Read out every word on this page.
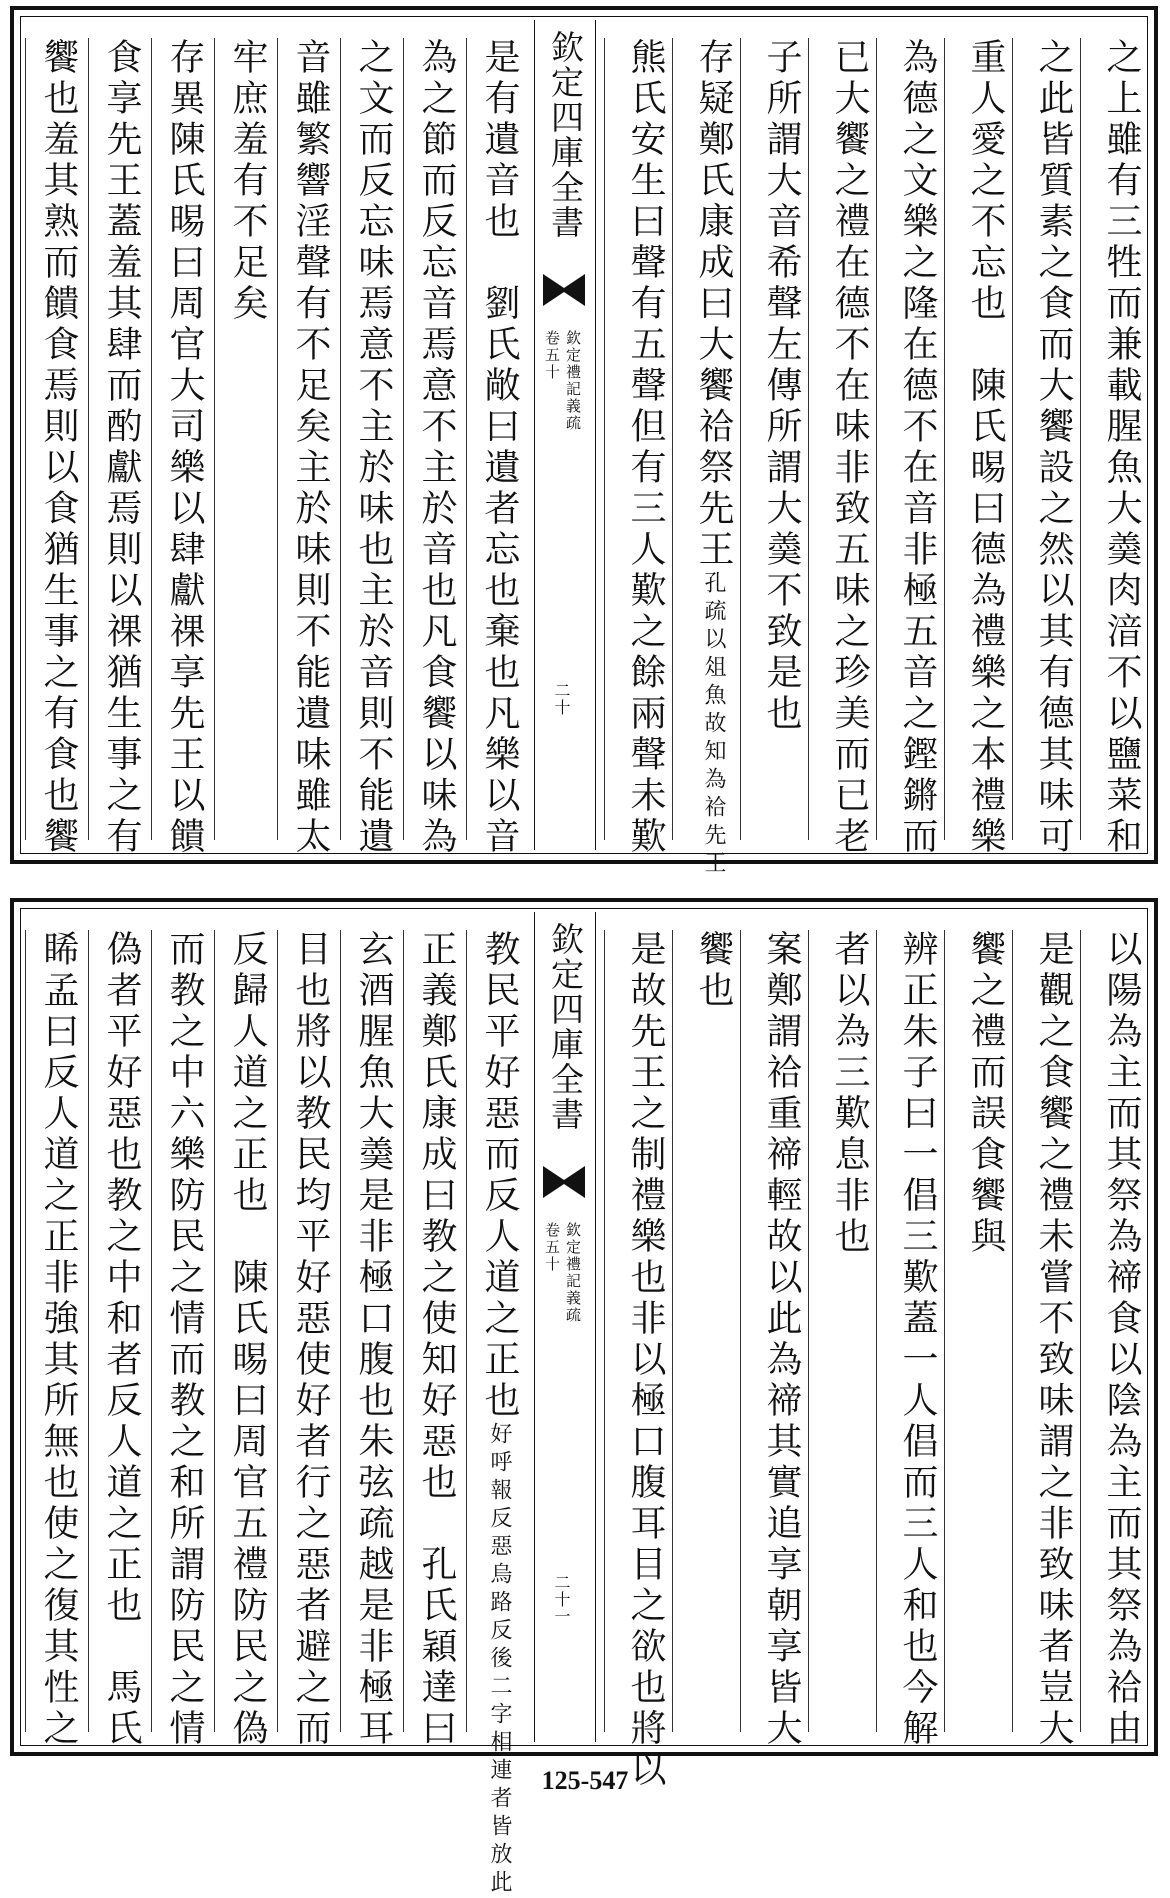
之上雖有三牲而兼載腥魚大羮肉湆不以鹽菜和
之此皆質素之食而大饗設之然以其有德其味可
重人愛之不忘也　陳氏晹曰德為禮樂之本禮樂
為德之文樂之隆在德不在音非極五音之鏗鏘而
已大饗之禮在德不在味非致五味之珍美而已老
子所謂大音希聲左傳所謂大羮不致是也
存疑鄭氏康成曰大饗祫祭先王孔疏以俎魚故知為祫先王
熊氏安生曰聲有五聲但有三人歎之餘兩聲未歎
欽定四庫全書
欽定禮記義疏
卷五十
二十
是有遺音也　劉氏敞曰遺者忘也棄也凡樂以音
為之節而反忘音焉意不主於音也凡食饗以味為
之文而反忘味焉意不主於味也主於音則不能遺
音雖繁響淫聲有不足矣主於味則不能遺味雖太
牢庶羞有不足矣
存異陳氏晹曰周官大司樂以肆獻祼享先王以饋
食享先王蓋羞其肆而酌獻焉則以祼猶生事之有
饗也羞其熟而饋食焉則以食猶生事之有食也饗
以陽為主而其祭為禘食以陰為主而其祭為祫由
是觀之食饗之禮未嘗不致味謂之非致味者豈大
饗之禮而誤食饗與
辨正朱子曰一倡三歎蓋一人倡而三人和也今解
者以為三歎息非也
案鄭謂祫重禘輕故以此為禘其實追享朝享皆大
饗也
是故先王之制禮樂也非以極口腹耳目之欲也將以
欽定四庫全書
欽定禮記義疏
卷五十
二十一
教民平好惡而反人道之正也好呼報反惡烏路反後二字相連者皆放此
正義鄭氏康成曰教之使知好惡也　孔氏穎達曰
玄酒腥魚大羮是非極口腹也朱弦疏越是非極耳
目也將以教民均平好惡使好者行之惡者避之而
反歸人道之正也　陳氏晹曰周官五禮防民之偽
而教之中六樂防民之情而教之和所謂防民之情
偽者平好惡也教之中和者反人道之正也　馬氏
睎孟曰反人道之正非強其所無也使之復其性之
125-547
